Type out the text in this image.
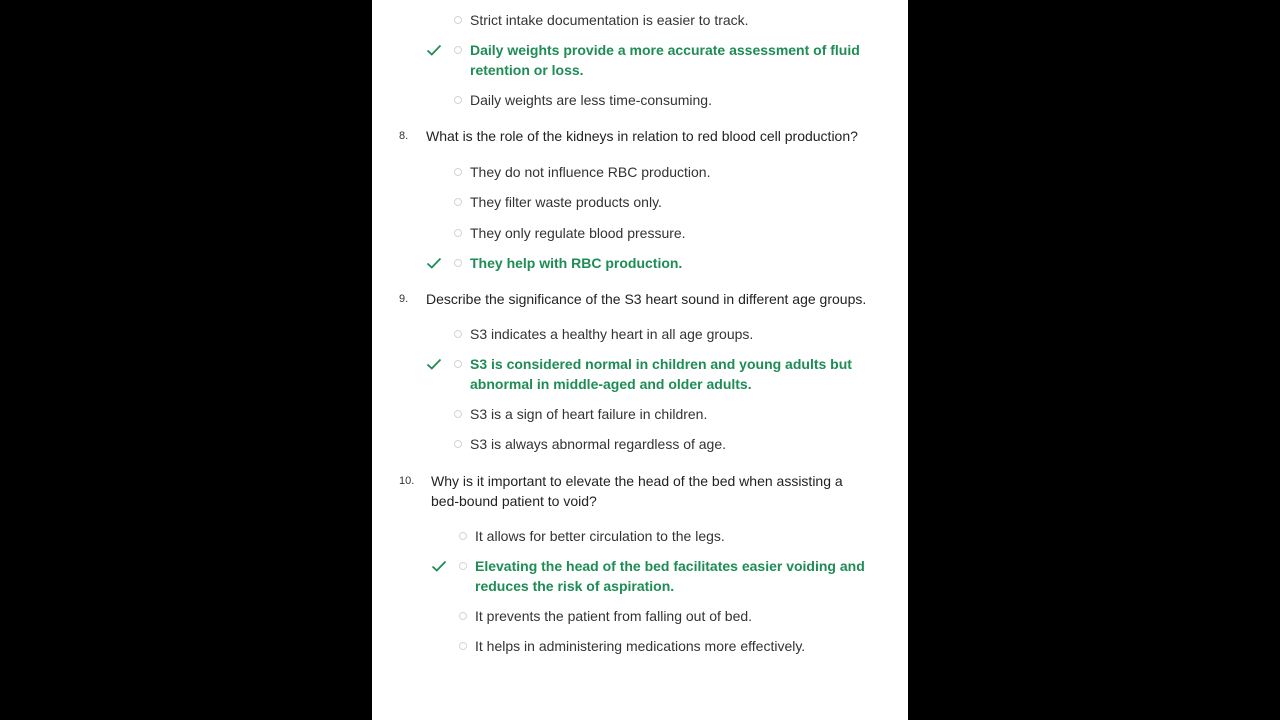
Strict intake documentation is easier to track.
Daily weights provide a more accurate assessment of fluid retention or loss.
Daily weights are less time-consuming.
8. What is the role of the kidneys in relation to red blood cell production?
They do not influence RBC production.
They filter waste products only.
They only regulate blood pressure.
They help with RBC production.
9. Describe the significance of the S3 heart sound in different age groups.
S3 indicates a healthy heart in all age groups.
S3 is considered normal in children and young adults but abnormal in middle-aged and older adults.
S3 is a sign of heart failure in children.
S3 is always abnormal regardless of age.
10. Why is it important to elevate the head of the bed when assisting a bed-bound patient to void?
It allows for better circulation to the legs.
Elevating the head of the bed facilitates easier voiding and reduces the risk of aspiration.
It prevents the patient from falling out of bed.
It helps in administering medications more effectively.
